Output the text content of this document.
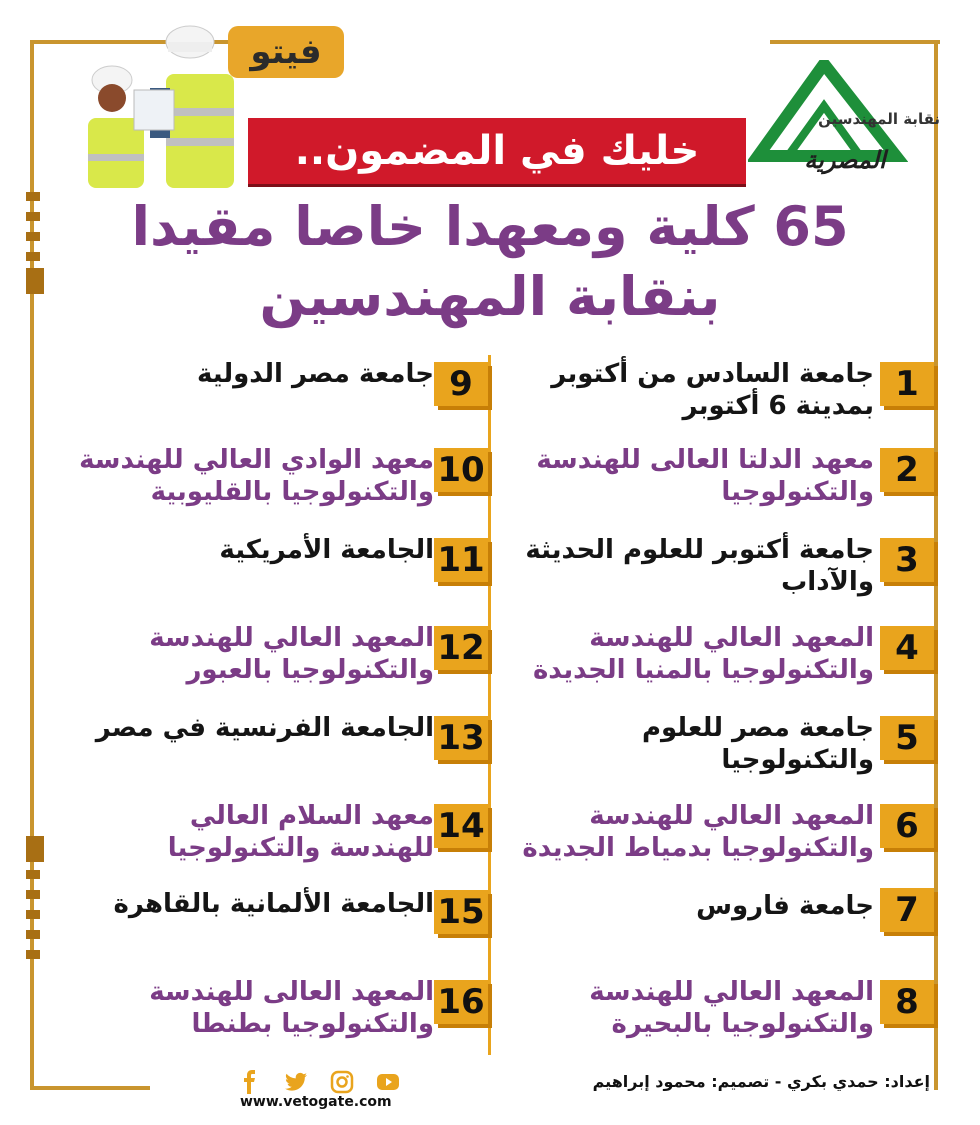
فيتو
خليك في المضمون..
نقابة المهندسين
المصرية
65 كلية ومعهدا خاصا مقيدا
بنقابة المهندسين
1
جامعة السادس من أكتوبر
بمدينة 6 أكتوبر
2
معهد الدلتا العالى للهندسة
والتكنولوجيا
3
جامعة أكتوبر للعلوم الحديثة
والآداب
4
المعهد العالي للهندسة
والتكنولوجيا بالمنيا الجديدة
5
جامعة مصر للعلوم
والتكنولوجيا
6
المعهد العالي للهندسة
والتكنولوجيا بدمياط الجديدة
7
جامعة فاروس
8
المعهد العالي للهندسة
والتكنولوجيا بالبحيرة
9
جامعة مصر الدولية
10
معهد الوادي العالي للهندسة
والتكنولوجيا بالقليوبية
11
الجامعة الأمريكية
12
المعهد العالي للهندسة
والتكنولوجيا بالعبور
13
الجامعة الفرنسية في مصر
14
معهد السلام العالي
للهندسة والتكنولوجيا
15
الجامعة الألمانية بالقاهرة
16
المعهد العالى للهندسة
والتكنولوجيا بطنطا
www.vetogate.com
إعداد: حمدي بكري - تصميم: محمود إبراهيم
